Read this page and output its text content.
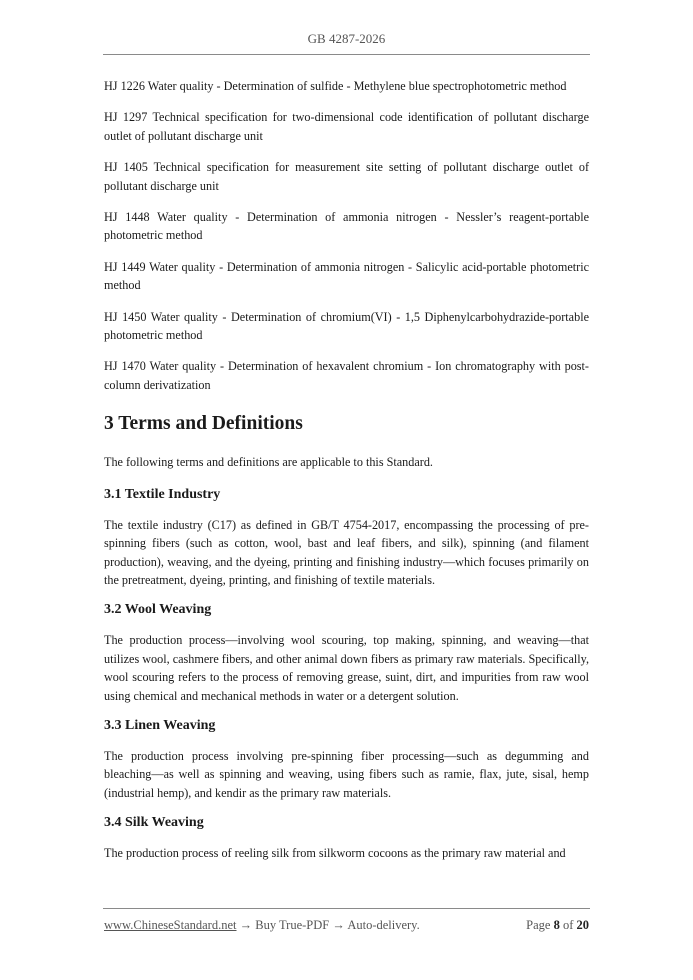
GB 4287-2026

HJ 1226 Water quality - Determination of sulfide - Methylene blue spectrophotometric method

HJ 1297 Technical specification for two-dimensional code identification of pollutant discharge outlet of pollutant discharge unit

HJ 1405 Technical specification for measurement site setting of pollutant discharge outlet of pollutant discharge unit

HJ 1448 Water quality - Determination of ammonia nitrogen - Nessler’s reagent-portable photometric method

HJ 1449 Water quality - Determination of ammonia nitrogen - Salicylic acid-portable photometric method

HJ 1450 Water quality - Determination of chromium(VI) - 1,5 Diphenylcarbohydrazide-portable photometric method

HJ 1470 Water quality - Determination of hexavalent chromium - Ion chromatography with post-column derivatization

3 Terms and Definitions

The following terms and definitions are applicable to this Standard.

3.1 Textile Industry

The textile industry (C17) as defined in GB/T 4754-2017, encompassing the processing of pre-spinning fibers (such as cotton, wool, bast and leaf fibers, and silk), spinning (and filament production), weaving, and the dyeing, printing and finishing industry—which focuses primarily on the pretreatment, dyeing, printing, and finishing of textile materials.

3.2 Wool Weaving

The production process—involving wool scouring, top making, spinning, and weaving—that utilizes wool, cashmere fibers, and other animal down fibers as primary raw materials. Specifically, wool scouring refers to the process of removing grease, suint, dirt, and impurities from raw wool using chemical and mechanical methods in water or a detergent solution.

3.3 Linen Weaving

The production process involving pre-spinning fiber processing—such as degumming and bleaching—as well as spinning and weaving, using fibers such as ramie, flax, jute, sisal, hemp (industrial hemp), and kendir as the primary raw materials.

3.4 Silk Weaving

The production process of reeling silk from silkworm cocoons as the primary raw material and

www.ChineseStandard.net → Buy True-PDF → Auto-delivery.	Page 8 of 20
